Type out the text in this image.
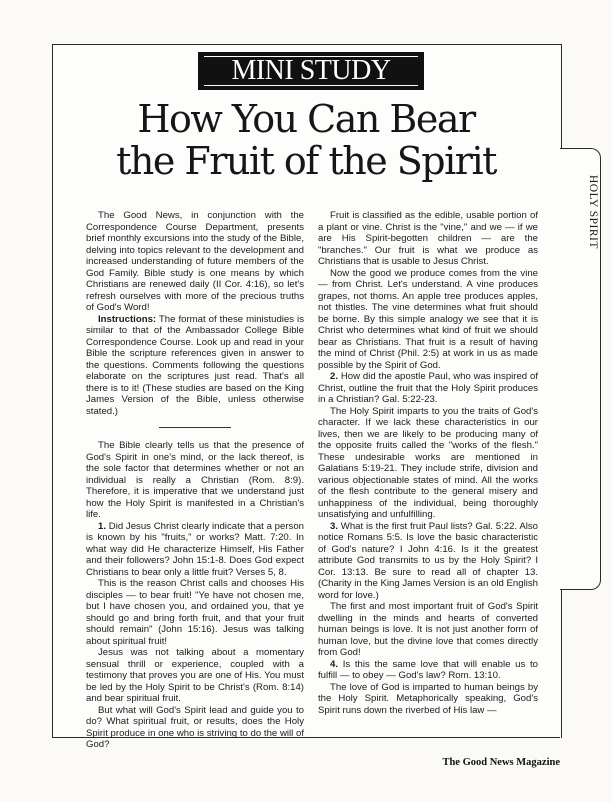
HOLY SPIRIT
MINI STUDY
How You Can Bear
the Fruit of the Spirit

The Good News, in conjunction with the Correspondence Course Department, presents brief monthly excursions into the study of the Bible, delving into topics relevant to the development and increased understanding of future members of the God Family. Bible study is one means by which Christians are renewed daily (II Cor. 4:16), so let's refresh ourselves with more of the precious truths of God's Word!

Instructions: The format of these ministudies is similar to that of the Ambassador College Bible Correspondence Course. Look up and read in your Bible the scripture references given in answer to the questions. Comments following the questions elaborate on the scriptures just read. That's all there is to it! (These studies are based on the King James Version of the Bible, unless otherwise stated.)

The Bible clearly tells us that the presence of God's Spirit in one's mind, or the lack thereof, is the sole factor that determines whether or not an individual is really a Christian (Rom. 8:9). Therefore, it is imperative that we understand just how the Holy Spirit is manifested in a Christian's life.

1. Did Jesus Christ clearly indicate that a person is known by his "fruits," or works? Matt. 7:20. In what way did He characterize Himself, His Father and their followers? John 15:1-8. Does God expect Christians to bear only a little fruit? Verses 5, 8.

This is the reason Christ calls and chooses His disciples — to bear fruit! "Ye have not chosen me, but I have chosen you, and ordained you, that ye should go and bring forth fruit, and that your fruit should remain" (John 15:16). Jesus was talking about spiritual fruit!

Jesus was not talking about a momentary sensual thrill or experience, coupled with a testimony that proves you are one of His. You must be led by the Holy Spirit to be Christ's (Rom. 8:14) and bear spiritual fruit.

But what will God's Spirit lead and guide you to do? What spiritual fruit, or results, does the Holy Spirit produce in one who is striving to do the will of God?

Fruit is classified as the edible, usable portion of a plant or vine. Christ is the "vine," and we — if we are His Spirit-begotten children — are the "branches." Our fruit is what we produce as Christians that is usable to Jesus Christ.

Now the good we produce comes from the vine — from Christ. Let's understand. A vine produces grapes, not thorns. An apple tree produces apples, not thistles. The vine determines what fruit should be borne. By this simple analogy we see that it is Christ who determines what kind of fruit we should bear as Christians. That fruit is a result of having the mind of Christ (Phil. 2:5) at work in us as made possible by the Spirit of God.

2. How did the apostle Paul, who was inspired of Christ, outline the fruit that the Holy Spirit produces in a Christian? Gal. 5:22-23.

The Holy Spirit imparts to you the traits of God's character. If we lack these characteristics in our lives, then we are likely to be producing many of the opposite fruits called the "works of the flesh." These undesirable works are mentioned in Galatians 5:19-21. They include strife, division and various objectionable states of mind. All the works of the flesh contribute to the general misery and unhappiness of the individual, being thoroughly unsatisfying and unfulfilling.

3. What is the first fruit Paul lists? Gal. 5:22. Also notice Romans 5:5. Is love the basic characteristic of God's nature? I John 4:16. Is it the greatest attribute God transmits to us by the Holy Spirit? I Cor. 13:13. Be sure to read all of chapter 13. (Charity in the King James Version is an old English word for love.)

The first and most important fruit of God's Spirit dwelling in the minds and hearts of converted human beings is love. It is not just another form of human love, but the divine love that comes directly from God!

4. Is this the same love that will enable us to fulfill — to obey — God's law? Rom. 13:10.

The love of God is imparted to human beings by the Holy Spirit. Metaphorically speaking, God's Spirit runs down the riverbed of His law —

The Good News Magazine
